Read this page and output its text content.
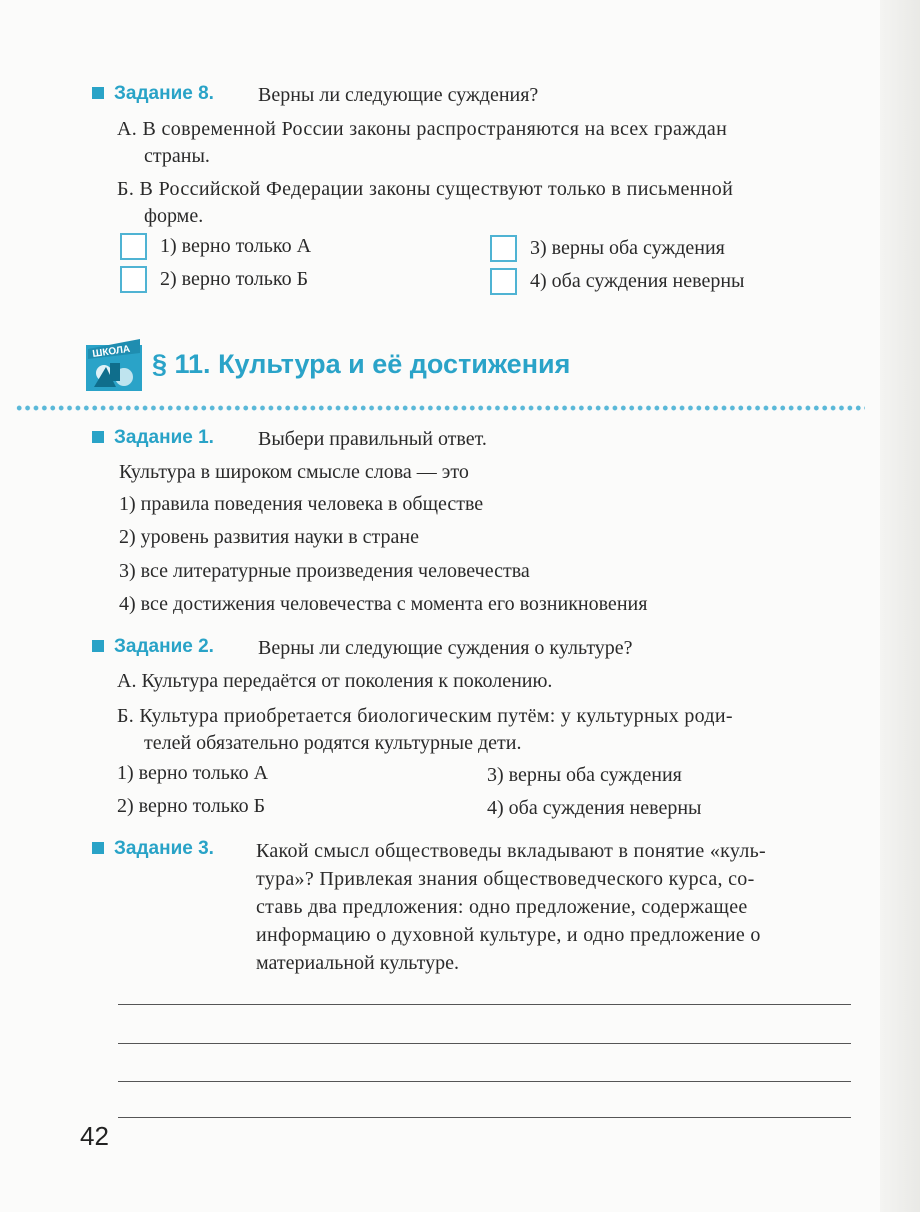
Задание 8. Верны ли следующие суждения?
А. В современной России законы распространяются на всех граждан
страны.
Б. В Российской Федерации законы существуют только в письменной
форме.
1) верно только А
2) верно только Б
3) верны оба суждения
4) оба суждения неверны
ШКОЛА § 11. Культура и её достижения
Задание 1. Выбери правильный ответ.
Культура в широком смысле слова — это
1) правила поведения человека в обществе
2) уровень развития науки в стране
3) все литературные произведения человечества
4) все достижения человечества с момента его возникновения
Задание 2. Верны ли следующие суждения о культуре?
А. Культура передаётся от поколения к поколению.
Б. Культура приобретается биологическим путём: у культурных роди-
телей обязательно родятся культурные дети.
1) верно только А
2) верно только Б
3) верны оба суждения
4) оба суждения неверны
Задание 3. Какой смысл обществоведы вкладывают в понятие «куль-
тура»? Привлекая знания обществоведческого курса, со-
ставь два предложения: одно предложение, содержащее
информацию о духовной культуре, и одно предложение о
материальной культуре.
42
